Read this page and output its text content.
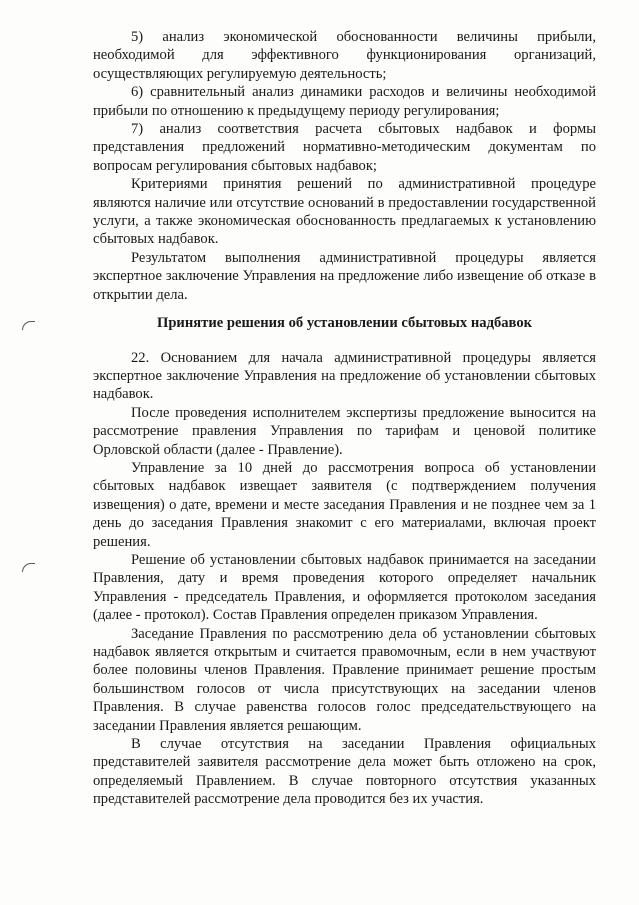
5) анализ экономической обоснованности величины прибыли, необходимой для эффективного функционирования организаций, осуществляющих регулируемую деятельность;

6) сравнительный анализ динамики расходов и величины необходимой прибыли по отношению к предыдущему периоду регулирования;

7) анализ соответствия расчета сбытовых надбавок и формы представления предложений нормативно-методическим документам по вопросам регулирования сбытовых надбавок;

Критериями принятия решений по административной процедуре являются наличие или отсутствие оснований в предоставлении государственной услуги, а также экономическая обоснованность предлагаемых к установлению сбытовых надбавок.

Результатом выполнения административной процедуры является экспертное заключение Управления на предложение либо извещение об отказе в открытии дела.

Принятие решения об установлении сбытовых надбавок

22. Основанием для начала административной процедуры является экспертное заключение Управления на предложение об установлении сбытовых надбавок.

После проведения исполнителем экспертизы предложение выносится на рассмотрение правления Управления по тарифам и ценовой политике Орловской области (далее - Правление).

Управление за 10 дней до рассмотрения вопроса об установлении сбытовых надбавок извещает заявителя (с подтверждением получения извещения) о дате, времени и месте заседания Правления и не позднее чем за 1 день до заседания Правления знакомит с его материалами, включая проект решения.

Решение об установлении сбытовых надбавок принимается на заседании Правления, дату и время проведения которого определяет начальник Управления - председатель Правления, и оформляется протоколом заседания (далее - протокол). Состав Правления определен приказом Управления.

Заседание Правления по рассмотрению дела об установлении сбытовых надбавок является открытым и считается правомочным, если в нем участвуют более половины членов Правления. Правление принимает решение простым большинством голосов от числа присутствующих на заседании членов Правления. В случае равенства голосов голос председательствующего на заседании Правления является решающим.

В случае отсутствия на заседании Правления официальных представителей заявителя рассмотрение дела может быть отложено на срок, определяемый Правлением. В случае повторного отсутствия указанных представителей рассмотрение дела проводится без их участия.
